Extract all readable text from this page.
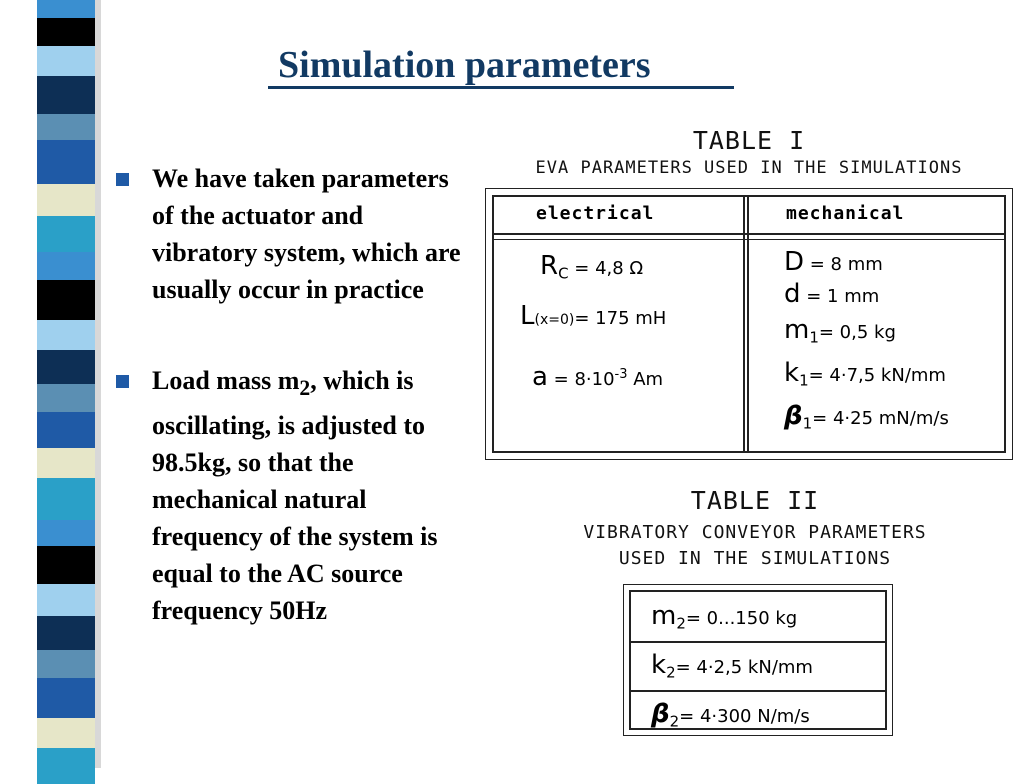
Simulation parameters
We have taken parameters of the actuator and vibratory system, which are usually occur in practice
Load mass $m_2$, which is oscillating, is adjusted to 98.5kg, so that the mechanical natural frequency of the system is equal to the AC source frequency 50Hz
TABLE I
EVA PARAMETERS USED IN THE SIMULATIONS
electrical	mechanical
$R_C = 4,8$ Ω
L(x=0)= 175 mH
$a = 8\cdot 10^{-3}$ Am
D = 8 mm
d = 1 mm
$m_1= 0,5$ kg
$k_1= 4\cdot 7,5$ kN/mm
$\beta_1= 4\cdot 25$ mN/m/s
TABLE II
VIBRATORY CONVEYOR PARAMETERS
USED IN THE SIMULATIONS
$m_2= 0...150$ kg
$k_2= 4\cdot 2,5$ kN/mm
$\beta_2= 4\cdot 300$ N/m/s
